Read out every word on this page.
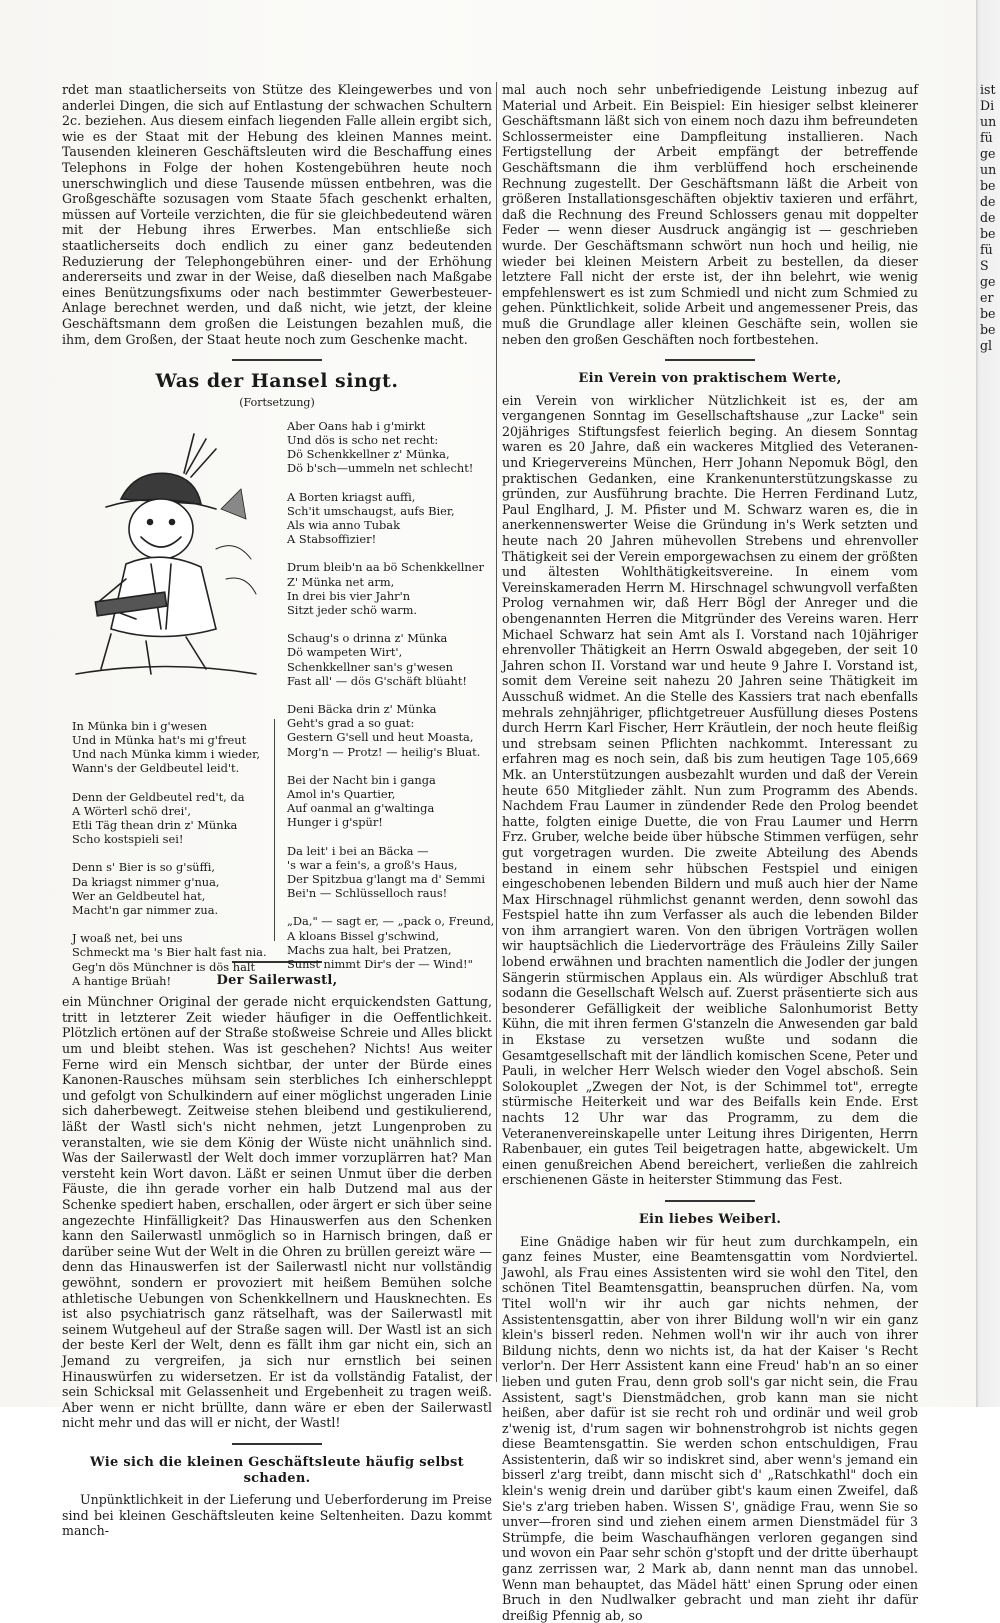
rdet man staatlicherseits von Stütze des Kleingewerbes und von anderlei Dingen, die sich auf Entlastung der schwachen Schultern 2c. beziehen. Aus diesem einfach liegenden Falle allein ergibt sich, wie es der Staat mit der Hebung des kleinen Mannes meint. Tausenden kleineren Geschäftsleuten wird die Beschaffung eines Telephons in Folge der hohen Kostengebühren heute noch unerschwinglich und diese Tausende müssen entbehren, was die Großgeschäfte sozusagen vom Staate 5fach geschenkt erhalten, müssen auf Vorteile verzichten, die für sie gleichbedeutend wären mit der Hebung ihres Erwerbes. Man entschließe sich staatlicherseits doch endlich zu einer ganz bedeutenden Reduzierung der Telephongebühren einer- und der Erhöhung andererseits und zwar in der Weise, daß dieselben nach Maßgabe eines Benützungsfixums oder nach bestimmter Gewerbesteuer-Anlage berechnet werden, und daß nicht, wie jetzt, der kleine Geschäftsmann dem großen die Leistungen bezahlen muß, die ihm, dem Großen, der Staat heute noch zum Geschenke macht.

Was der Hansel singt.
(Fortsetzung)
Aber Oans hab i g'mirkt
Und dös is scho net recht:
Dö Schenkkellner z' Münka,
Dö b'sch—ummeln net schlecht!
A Borten kriagst auffi,
Sch'it umschaugst, aufs Bier,
Als wia anno Tubak
A Stabsoffizier!
Drum bleib'n aa bö Schenkkellner
Z' Münka net arm,
In drei bis vier Jahr'n
Sitzt jeder schö warm.
Schaug's o drinna z' Münka
Dö wampeten Wirt',
Schenkkellner san's g'wesen
Fast all' — dös G'schäft blüaht!
Deni Bäcka drin z' Münka
Geht's grad a so guat:
Gestern G'sell und heut Moasta,
Morg'n — Protz! — heilig's Bluat.
Bei der Nacht bin i ganga
Amol in's Quartier,
Auf oanmal an g'waltinga
Hunger i g'spür!
Da leit' i bei an Bäcka —
's war a fein's, a groß's Haus,
Der Spitzbua g'langt ma d' Semmi
Bei'n — Schlüsselloch raus!
„Da," — sagt er, — „pack o, Freund,
A kloans Bissel g'schwind,
Machs zua halt, bei Pratzen,
Sunst nimmt Dir's der — Wind!"
In Münka bin i g'wesen
Und in Münka hat's mi g'freut
Und nach Münka kimm i wieder,
Wann's der Geldbeutel leid't.
Denn der Geldbeutel red't, da
A Wörterl schö drei',
Etli Täg thean drin z' Münka
Scho kostspieli sei!
Denn s' Bier is so g'süffi,
Da kriagst nimmer g'nua,
Wer an Geldbeutel hat,
Macht'n gar nimmer zua.
J woaß net, bei uns
Schmeckt ma 's Bier halt fast nia.
Geg'n dös Münchner is dös halt
A hantige Brüah!	Der Sailerwastl,

ein Münchner Original der gerade nicht erquickendsten Gattung, tritt in letzterer Zeit wieder häufiger in die Oeffentlichkeit. Plötzlich ertönen auf der Straße stoßweise Schreie und Alles blickt um und bleibt stehen. Was ist geschehen? Nichts! Aus weiter Ferne wird ein Mensch sichtbar, der unter der Bürde eines Kanonen-Rausches mühsam sein sterbliches Ich einherschleppt und gefolgt von Schulkindern auf einer möglichst ungeraden Linie sich daherbewegt. Zeitweise stehen bleibend und gestikulierend, läßt der Wastl sich's nicht nehmen, jetzt Lungenproben zu veranstalten, wie sie dem König der Wüste nicht unähnlich sind. Was der Sailerwastl der Welt doch immer vorzuplärren hat? Man versteht kein Wort davon. Läßt er seinen Unmut über die derben Fäuste, die ihn gerade vorher ein halb Dutzend mal aus der Schenke spediert haben, erschallen, oder ärgert er sich über seine angezechte Hinfälligkeit? Das Hinauswerfen aus den Schenken kann den Sailerwastl unmöglich so in Harnisch bringen, daß er darüber seine Wut der Welt in die Ohren zu brüllen gereizt wäre — denn das Hinauswerfen ist der Sailerwastl nicht nur vollständig gewöhnt, sondern er provoziert mit heißem Bemühen solche athletische Uebungen von Schenkkellnern und Hausknechten. Es ist also psychiatrisch ganz rätselhaft, was der Sailerwastl mit seinem Wutgeheul auf der Straße sagen will. Der Wastl ist an sich der beste Kerl der Welt, denn es fällt ihm gar nicht ein, sich an Jemand zu vergreifen, ja sich nur ernstlich bei seinen Hinauswürfen zu widersetzen. Er ist da vollständig Fatalist, der sein Schicksal mit Gelassenheit und Ergebenheit zu tragen weiß. Aber wenn er nicht brüllte, dann wäre er eben der Sailerwastl nicht mehr und das will er nicht, der Wastl!

Wie sich die kleinen Geschäftsleute häufig selbst schaden.

Unpünktlichkeit in der Lieferung und Ueberforderung im Preise sind bei kleinen Geschäftsleuten keine Seltenheiten. Dazu kommt manch-

mal auch noch sehr unbefriedigende Leistung inbezug auf Material und Arbeit. Ein Beispiel: Ein hiesiger selbst kleinerer Geschäftsmann läßt sich von einem noch dazu ihm befreundeten Schlossermeister eine Dampfleitung installieren. Nach Fertigstellung der Arbeit empfängt der betreffende Geschäftsmann die ihm verblüffend hoch erscheinende Rechnung zugestellt. Der Geschäftsmann läßt die Arbeit von größeren Installationsgeschäften objektiv taxieren und erfährt, daß die Rechnung des Freund Schlossers genau mit doppelter Feder — wenn dieser Ausdruck angängig ist — geschrieben wurde. Der Geschäftsmann schwört nun hoch und heilig, nie wieder bei kleinen Meistern Arbeit zu bestellen, da dieser letztere Fall nicht der erste ist, der ihn belehrt, wie wenig empfehlenswert es ist zum Schmiedl und nicht zum Schmied zu gehen. Pünktlichkeit, solide Arbeit und angemessener Preis, das muß die Grundlage aller kleinen Geschäfte sein, wollen sie neben den großen Geschäften noch fortbestehen.

Ein Verein von praktischem Werte,

ein Verein von wirklicher Nützlichkeit ist es, der am vergangenen Sonntag im Gesellschaftshause „zur Lacke" sein 20jähriges Stiftungsfest feierlich beging. An diesem Sonntag waren es 20 Jahre, daß ein wackeres Mitglied des Veteranen- und Kriegervereins München, Herr Johann Nepomuk Bögl, den praktischen Gedanken, eine Krankenunterstützungskasse zu gründen, zur Ausführung brachte. Die Herren Ferdinand Lutz, Paul Englhard, J. M. Pfister und M. Schwarz waren es, die in anerkennenswerter Weise die Gründung in's Werk setzten und heute nach 20 Jahren mühevollen Strebens und ehrenvoller Thätigkeit sei der Verein emporgewachsen zu einem der größten und ältesten Wohlthätigkeitsvereine. In einem vom Vereinskameraden Herrn M. Hirschnagel schwungvoll verfaßten Prolog vernahmen wir, daß Herr Bögl der Anreger und die obengenannten Herren die Mitgründer des Vereins waren. Herr Michael Schwarz hat sein Amt als I. Vorstand nach 10jähriger ehrenvoller Thätigkeit an Herrn Oswald abgegeben, der seit 10 Jahren schon II. Vorstand war und heute 9 Jahre I. Vorstand ist, somit dem Vereine seit nahezu 20 Jahren seine Thätigkeit im Ausschuß widmet. An die Stelle des Kassiers trat nach ebenfalls mehrals zehnjähriger, pflichtgetreuer Ausfüllung dieses Postens durch Herrn Karl Fischer, Herr Kräutlein, der noch heute fleißig und strebsam seinen Pflichten nachkommt. Interessant zu erfahren mag es noch sein, daß bis zum heutigen Tage 105,669 Mk. an Unterstützungen ausbezahlt wurden und daß der Verein heute 650 Mitglieder zählt. Nun zum Programm des Abends. Nachdem Frau Laumer in zündender Rede den Prolog beendet hatte, folgten einige Duette, die von Frau Laumer und Herrn Frz. Gruber, welche beide über hübsche Stimmen verfügen, sehr gut vorgetragen wurden. Die zweite Abteilung des Abends bestand in einem sehr hübschen Festspiel und einigen eingeschobenen lebenden Bildern und muß auch hier der Name Max Hirschnagel rühmlichst genannt werden, denn sowohl das Festspiel hatte ihn zum Verfasser als auch die lebenden Bilder von ihm arrangiert waren. Von den übrigen Vorträgen wollen wir hauptsächlich die Liedervorträge des Fräuleins Zilly Sailer lobend erwähnen und brachten namentlich die Jodler der jungen Sängerin stürmischen Applaus ein. Als würdiger Abschluß trat sodann die Gesellschaft Welsch auf. Zuerst präsentierte sich aus besonderer Gefälligkeit der weibliche Salonhumorist Betty Kühn, die mit ihren fermen G'stanzeln die Anwesenden gar bald in Ekstase zu versetzen wußte und sodann die Gesamtgesellschaft mit der ländlich komischen Scene, Peter und Pauli, in welcher Herr Welsch wieder den Vogel abschoß. Sein Solokouplet „Zwegen der Not, is der Schimmel tot", erregte stürmische Heiterkeit und war des Beifalls kein Ende. Erst nachts 12 Uhr war das Programm, zu dem die Veteranenvereinskapelle unter Leitung ihres Dirigenten, Herrn Rabenbauer, ein gutes Teil beigetragen hatte, abgewickelt. Um einen genußreichen Abend bereichert, verließen die zahlreich erschienenen Gäste in heiterster Stimmung das Fest.

Ein liebes Weiberl.

Eine Gnädige haben wir für heut zum durchkampeln, ein ganz feines Muster, eine Beamtensgattin vom Nordviertel. Jawohl, als Frau eines Assistenten wird sie wohl den Titel, den schönen Titel Beamtensgattin, beanspruchen dürfen. Na, vom Titel woll'n wir ihr auch gar nichts nehmen, der Assistentensgattin, aber von ihrer Bildung woll'n wir ein ganz klein's bisserl reden. Nehmen woll'n wir ihr auch von ihrer Bildung nichts, denn wo nichts ist, da hat der Kaiser 's Recht verlor'n. Der Herr Assistent kann eine Freud' hab'n an so einer lieben und guten Frau, denn grob soll's gar nicht sein, die Frau Assistent, sagt's Dienstmädchen, grob kann man sie nicht heißen, aber dafür ist sie recht roh und ordinär und weil grob z'wenig ist, d'rum sagen wir bohnenstrohgrob ist nichts gegen diese Beamtensgattin. Sie werden schon entschuldigen, Frau Assistenterin, daß wir so indiskret sind, aber wenn's jemand ein bisserl z'arg treibt, dann mischt sich d' „Ratschkathl" doch ein klein's wenig drein und darüber gibt's kaum einen Zweifel, daß Sie's z'arg trieben haben. Wissen S', gnädige Frau, wenn Sie so unver—froren sind und ziehen einem armen Dienstmädel für 3 Strümpfe, die beim Waschaufhängen verloren gegangen sind und wovon ein Paar sehr schön g'stopft und der dritte überhaupt ganz zerrissen war, 2 Mark ab, dann nennt man das unnobel. Wenn man behauptet, das Mädel hätt' einen Sprung oder einen Bruch in den Nudlwalker gebracht und man zieht ihr dafür dreißig Pfennig ab, so

ist
Di
un
fü
ge
un
be
de
de
be
fü
S
ge
er
be
be
gl
